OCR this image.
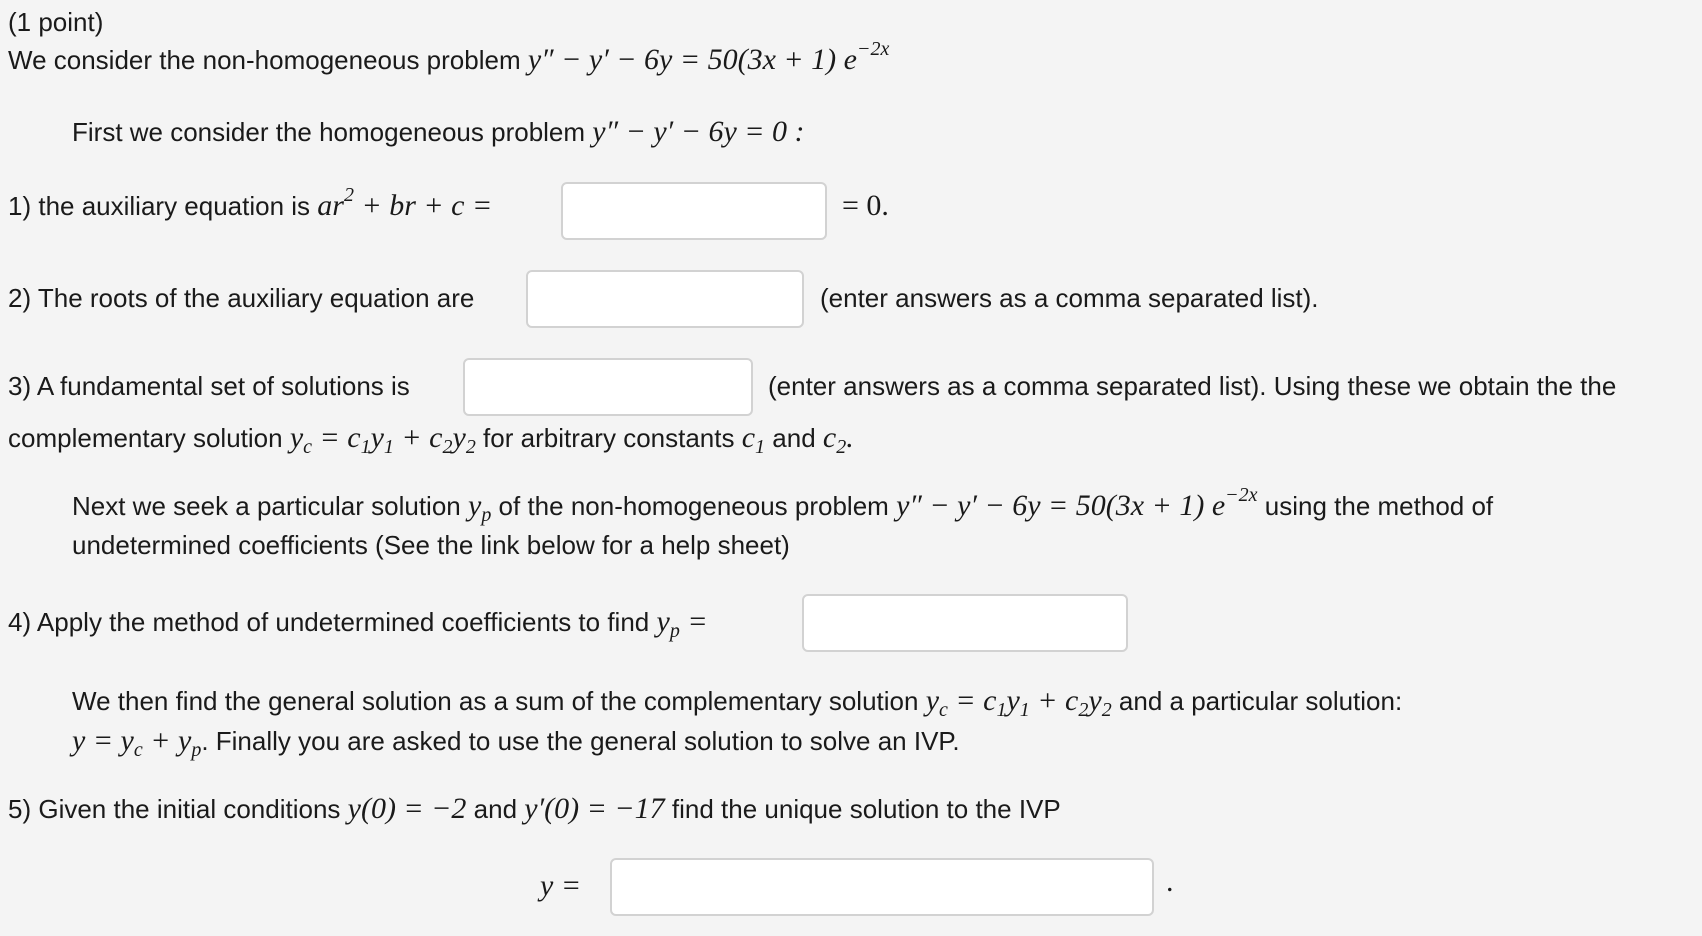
(1 point)
We consider the non-homogeneous problem y″ − y′ − 6y = 50(3x + 1) $e^{-2x}$
First we consider the homogeneous problem y″ − y′ − 6y = 0 :
1) the auxiliary equation is $ar^2$ + br + c =	= 0.
2) The roots of the auxiliary equation are	(enter answers as a comma separated list).
3) A fundamental set of solutions is	(enter answers as a comma separated list). Using these we obtain the the
complementary solution $y_c = c_1y_1 + c_2y_2$ for arbitrary constants $c_1$ and $c_2$.
Next we seek a particular solution $y_p$ of the non-homogeneous problem y″ − y′ − 6y = 50(3x + 1) $e^{-2x}$ using the method of
undetermined coefficients (See the link below for a help sheet)
4) Apply the method of undetermined coefficients to find $y_p$ =
We then find the general solution as a sum of the complementary solution $y_c = c_1y_1 + c_2y_2$ and a particular solution:
$y = y_c + y_p$. Finally you are asked to use the general solution to solve an IVP.
5) Given the initial conditions y(0) = −2 and y′(0) = −17 find the unique solution to the IVP
y =	.
